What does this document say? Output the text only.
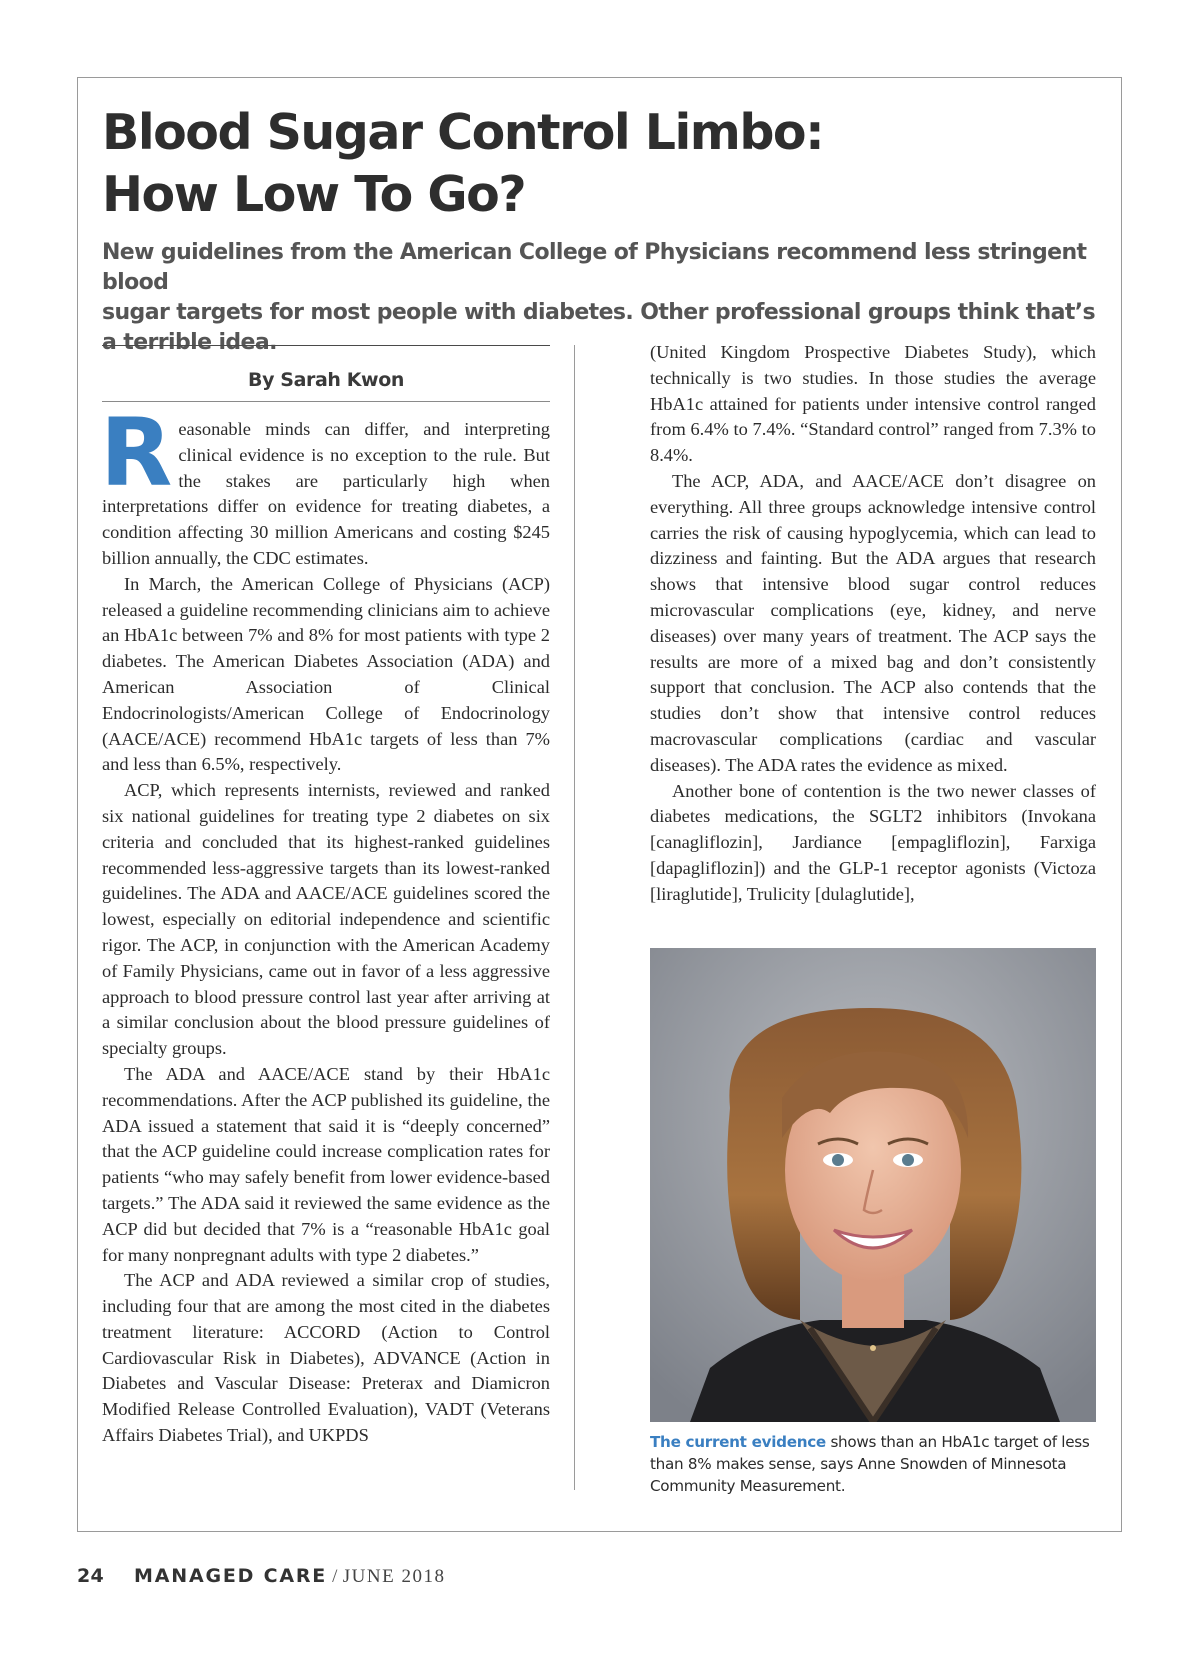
Blood Sugar Control Limbo:
How Low To Go?

New guidelines from the American College of Physicians recommend less stringent blood
sugar targets for most people with diabetes. Other professional groups think that’s
a terrible idea.

By Sarah Kwon

Reasonable minds can differ, and interpreting clinical evidence is no exception to the rule. But the stakes are particularly high when interpretations differ on evidence for treating diabetes, a condition affecting 30 million Americans and costing $245 billion annually, the CDC estimates.

In March, the American College of Physicians (ACP) released a guideline recommending clinicians aim to achieve an HbA1c between 7% and 8% for most patients with type 2 diabetes. The American Diabetes Association (ADA) and American Association of Clinical Endocrinologists/American College of Endocrinology (AACE/ACE) recommend HbA1c targets of less than 7% and less than 6.5%, respectively.

ACP, which represents internists, reviewed and ranked six national guidelines for treating type 2 diabetes on six criteria and concluded that its highest-ranked guidelines recommended less-aggressive targets than its lowest-ranked guidelines. The ADA and AACE/ACE guidelines scored the lowest, especially on editorial independence and scientific rigor. The ACP, in conjunction with the American Academy of Family Physicians, came out in favor of a less aggressive approach to blood pressure control last year after arriving at a similar conclusion about the blood pressure guidelines of specialty groups.

The ADA and AACE/ACE stand by their HbA1c recommendations. After the ACP published its guideline, the ADA issued a statement that said it is “deeply concerned” that the ACP guideline could increase complication rates for patients “who may safely benefit from lower evidence-based targets.” The ADA said it reviewed the same evidence as the ACP did but decided that 7% is a “reasonable HbA1c goal for many nonpregnant adults with type 2 diabetes.”

The ACP and ADA reviewed a similar crop of studies, including four that are among the most cited in the diabetes treatment literature: ACCORD (Action to Control Cardiovascular Risk in Diabetes), ADVANCE (Action in Diabetes and Vascular Disease: Preterax and Diamicron Modified Release Controlled Evaluation), VADT (Veterans Affairs Diabetes Trial), and UKPDS

(United Kingdom Prospective Diabetes Study), which technically is two studies. In those studies the average HbA1c attained for patients under intensive control ranged from 6.4% to 7.4%. “Standard control” ranged from 7.3% to 8.4%.

The ACP, ADA, and AACE/ACE don’t disagree on everything. All three groups acknowledge intensive control carries the risk of causing hypoglycemia, which can lead to dizziness and fainting. But the ADA argues that research shows that intensive blood sugar control reduces microvascular complications (eye, kidney, and nerve diseases) over many years of treatment. The ACP says the results are more of a mixed bag and don’t consistently support that conclusion. The ACP also contends that the studies don’t show that intensive control reduces macrovascular complications (cardiac and vascular diseases). The ADA rates the evidence as mixed.

Another bone of contention is the two newer classes of diabetes medications, the SGLT2 inhibitors (Invokana [canagliflozin], Jardiance [empagliflozin], Farxiga [dapagliflozin]) and the GLP-1 receptor agonists (Victoza [liraglutide], Trulicity [dulaglutide],

The current evidence shows than an HbA1c target of less than 8% makes sense, says Anne Snowden of Minnesota Community Measurement.
24 MANAGED CARE / JUNE 2018
